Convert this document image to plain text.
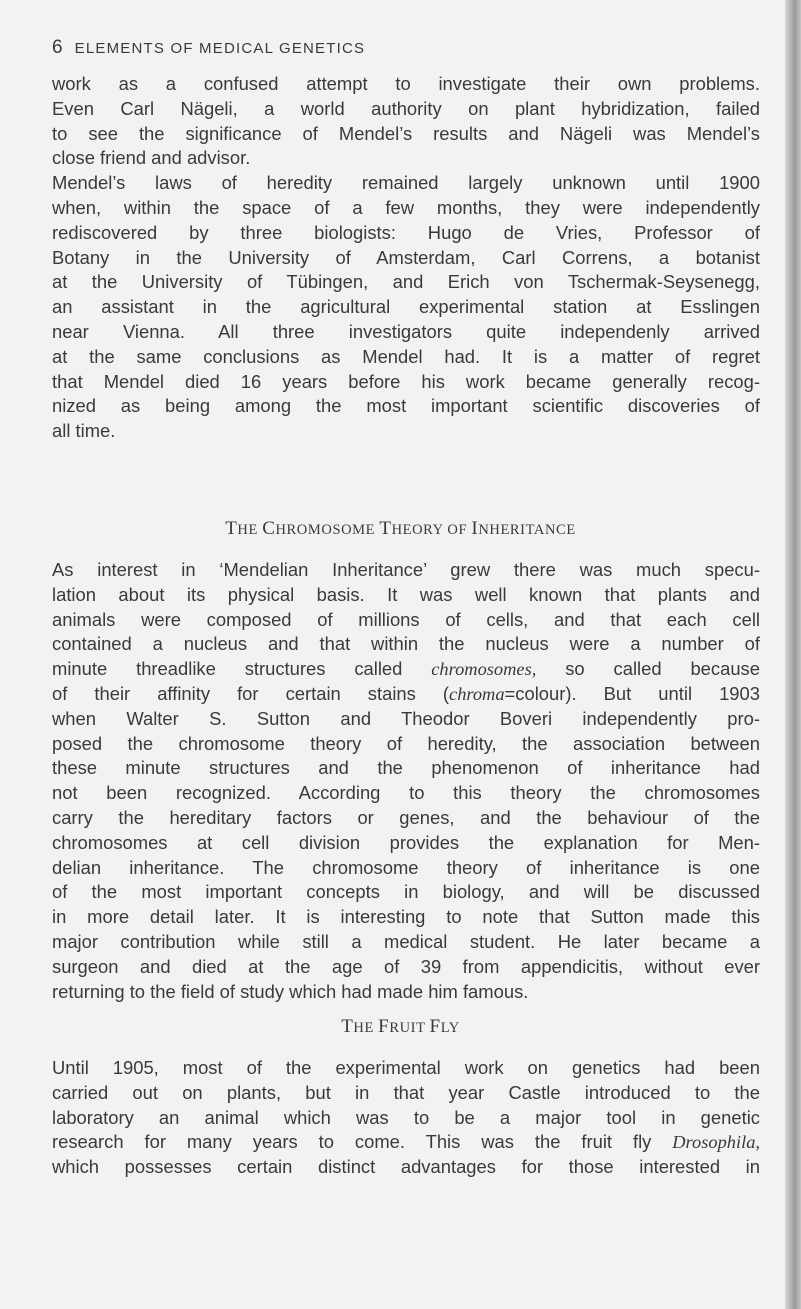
6 ELEMENTS OF MEDICAL GENETICS
work as a confused attempt to investigate their own problems.
Even Carl Nägeli, a world authority on plant hybridization, failed
to see the significance of Mendel’s results and Nägeli was Mendel’s
close friend and advisor.
Mendel’s laws of heredity remained largely unknown until 1900
when, within the space of a few months, they were independently
rediscovered by three biologists: Hugo de Vries, Professor of
Botany in the University of Amsterdam, Carl Correns, a botanist
at the University of Tübingen, and Erich von Tschermak-Seysenegg,
an assistant in the agricultural experimental station at Esslingen
near Vienna. All three investigators quite independenly arrived
at the same conclusions as Mendel had. It is a matter of regret
that Mendel died 16 years before his work became generally recog-
nized as being among the most important scientific discoveries of
all time.
THE CHROMOSOME THEORY OF INHERITANCE
As interest in ‘Mendelian Inheritance’ grew there was much specu-
lation about its physical basis. It was well known that plants and
animals were composed of millions of cells, and that each cell
contained a nucleus and that within the nucleus were a number of
minute threadlike structures called chromosomes, so called because
of their affinity for certain stains (chroma=colour). But until 1903
when Walter S. Sutton and Theodor Boveri independently pro-
posed the chromosome theory of heredity, the association between
these minute structures and the phenomenon of inheritance had
not been recognized. According to this theory the chromosomes
carry the hereditary factors or genes, and the behaviour of the
chromosomes at cell division provides the explanation for Men-
delian inheritance. The chromosome theory of inheritance is one
of the most important concepts in biology, and will be discussed
in more detail later. It is interesting to note that Sutton made this
major contribution while still a medical student. He later became a
surgeon and died at the age of 39 from appendicitis, without ever
returning to the field of study which had made him famous.
THE FRUIT FLY
Until 1905, most of the experimental work on genetics had been
carried out on plants, but in that year Castle introduced to the
laboratory an animal which was to be a major tool in genetic
research for many years to come. This was the fruit fly Drosophila,
which possesses certain distinct advantages for those interested in
